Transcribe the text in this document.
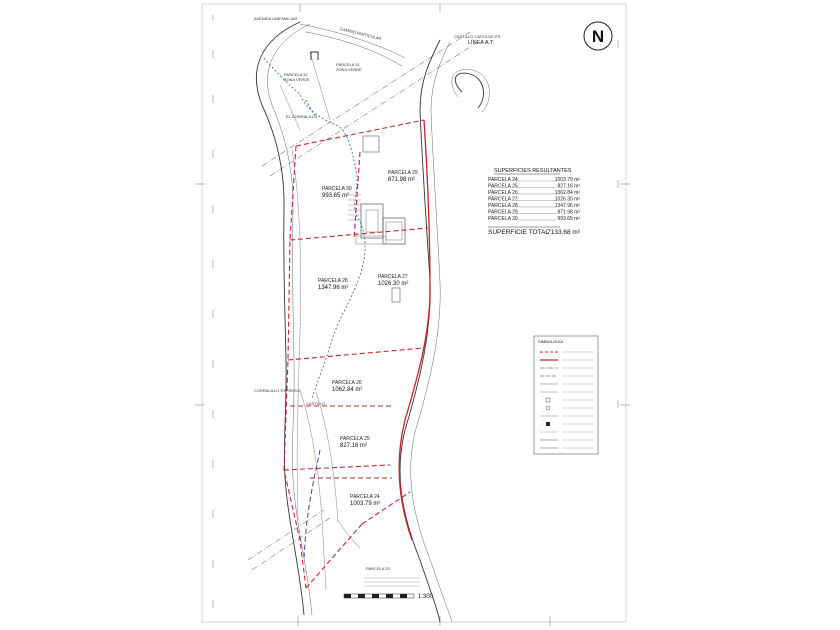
PARCELA 31
ZONA VERDE
PARCELA 32
ZONA VERDE
PARCELA 29
871.98 m²
PARCELA 30
993.65 m²
PARCELA 27
1026.30 m²
PARCELA 28
1347.96 m²
PARCELA 26
1062.84 m²
PARCELA 25
827.16 m²
PARCELA 24
1003.79 m²
PARCELA 23
CASTILLO CASTA DE ES
LÍNEA A.T.
AVENIDA UNIFAMILIAR
CAMINO PARTICULAR
EL CORRALILLO
CORRALILLO EXPRESO
CASTILLO
N
SUPERFICIES RESULTANTES
PARCELA 24	1003.79 m²
PARCELA 25	827.16 m²
PARCELA 26	1062.84 m²
PARCELA 27	1026.30 m²
PARCELA 28	1347.96 m²
PARCELA 29	871.98 m²
PARCELA 30	993.65 m²
SUPERFICIE TOTAL
7133.68 m²
SIMBOLOGÍA
1:300
